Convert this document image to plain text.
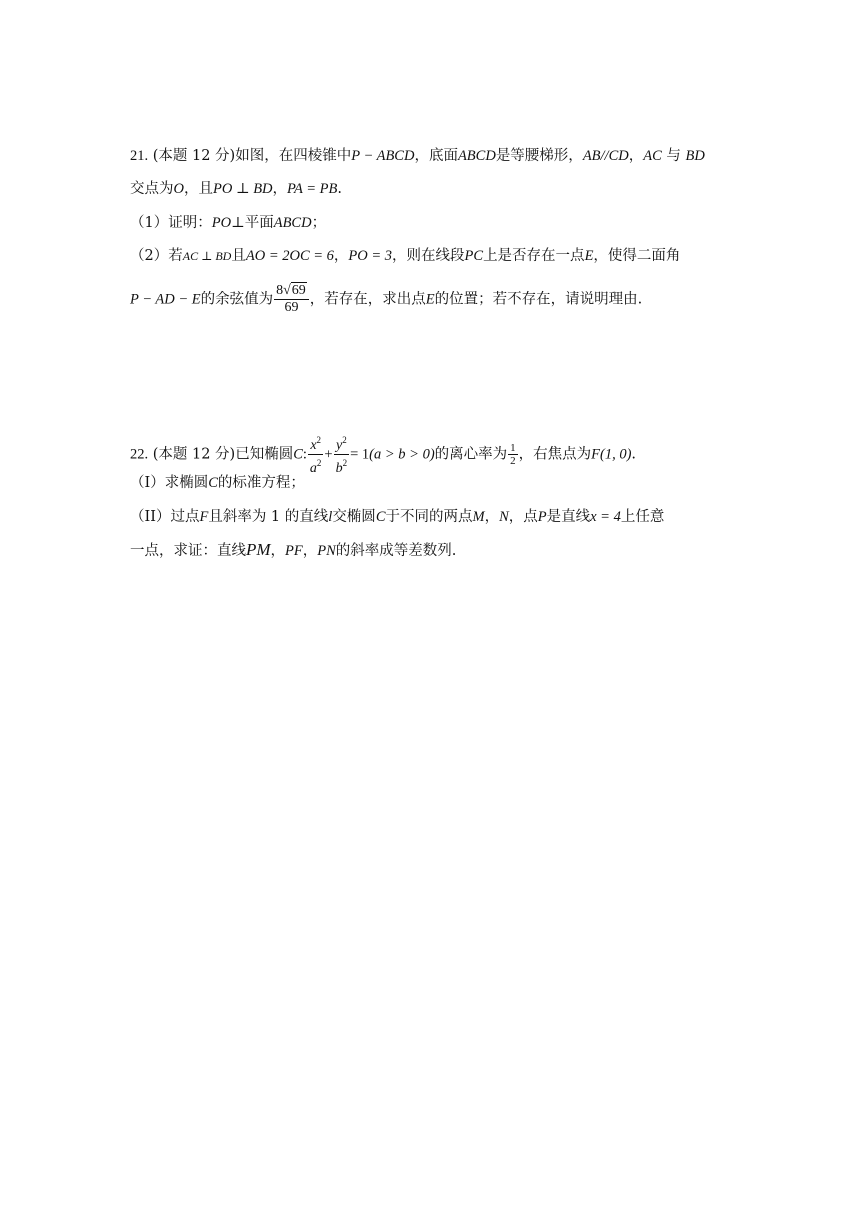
21. (本题 12 分)如图，在四棱锥中P − ABCD，底面ABCD是等腰梯形，AB//CD，AC 与 BD
交点为O，且PO ⊥ BD，PA = PB.
（1）证明：PO⊥平面ABCD；
（2）若AC ⊥ BD且AO = 2OC = 6，PO = 3，则在线段PC上是否存在一点E，使得二面角
P − AD − E的余弦值为 $\frac{8√69}{69}$ ，若存在，求出点E的位置；若不存在，请说明理由.
22. (本题 12 分)已知椭圆C: $\frac{x^2}{a^2} + \frac{y^2}{b^2} = 1(a > b > 0)$的离心率为 $\frac{1}{2}$ ，右焦点为F(1, 0).
（I）求椭圆C的标准方程；
（II）过点F且斜率为 1 的直线l交椭圆C于不同的两点M，N，点P是直线x = 4上任意
一点，求证：直线PM，PF，PN的斜率成等差数列.
